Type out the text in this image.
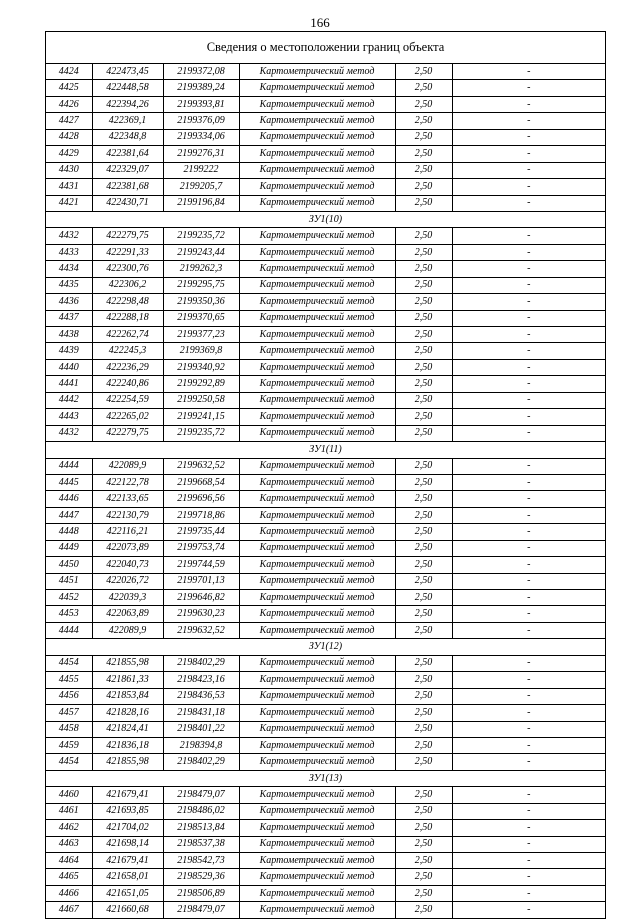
166
Сведения о местоположении границ объекта
4424	422473,45	2199372,08	Картометрический метод	2,50	-
4425	422448,58	2199389,24	Картометрический метод	2,50	-
4426	422394,26	2199393,81	Картометрический метод	2,50	-
4427	422369,1	2199376,09	Картометрический метод	2,50	-
4428	422348,8	2199334,06	Картометрический метод	2,50	-
4429	422381,64	2199276,31	Картометрический метод	2,50	-
4430	422329,07	2199222	Картометрический метод	2,50	-
4431	422381,68	2199205,7	Картометрический метод	2,50	-
4421	422430,71	2199196,84	Картометрический метод	2,50	-
ЗУ1(10)					
4432	422279,75	2199235,72	Картометрический метод	2,50	-
4433	422291,33	2199243,44	Картометрический метод	2,50	-
4434	422300,76	2199262,3	Картометрический метод	2,50	-
4435	422306,2	2199295,75	Картометрический метод	2,50	-
4436	422298,48	2199350,36	Картометрический метод	2,50	-
4437	422288,18	2199370,65	Картометрический метод	2,50	-
4438	422262,74	2199377,23	Картометрический метод	2,50	-
4439	422245,3	2199369,8	Картометрический метод	2,50	-
4440	422236,29	2199340,92	Картометрический метод	2,50	-
4441	422240,86	2199292,89	Картометрический метод	2,50	-
4442	422254,59	2199250,58	Картометрический метод	2,50	-
4443	422265,02	2199241,15	Картометрический метод	2,50	-
4432	422279,75	2199235,72	Картометрический метод	2,50	-
ЗУ1(11)					
4444	422089,9	2199632,52	Картометрический метод	2,50	-
4445	422122,78	2199668,54	Картометрический метод	2,50	-
4446	422133,65	2199696,56	Картометрический метод	2,50	-
4447	422130,79	2199718,86	Картометрический метод	2,50	-
4448	422116,21	2199735,44	Картометрический метод	2,50	-
4449	422073,89	2199753,74	Картометрический метод	2,50	-
4450	422040,73	2199744,59	Картометрический метод	2,50	-
4451	422026,72	2199701,13	Картометрический метод	2,50	-
4452	422039,3	2199646,82	Картометрический метод	2,50	-
4453	422063,89	2199630,23	Картометрический метод	2,50	-
4444	422089,9	2199632,52	Картометрический метод	2,50	-
ЗУ1(12)					
4454	421855,98	2198402,29	Картометрический метод	2,50	-
4455	421861,33	2198423,16	Картометрический метод	2,50	-
4456	421853,84	2198436,53	Картометрический метод	2,50	-
4457	421828,16	2198431,18	Картометрический метод	2,50	-
4458	421824,41	2198401,22	Картометрический метод	2,50	-
4459	421836,18	2198394,8	Картометрический метод	2,50	-
4454	421855,98	2198402,29	Картометрический метод	2,50	-
ЗУ1(13)					
4460	421679,41	2198479,07	Картометрический метод	2,50	-
4461	421693,85	2198486,02	Картометрический метод	2,50	-
4462	421704,02	2198513,84	Картометрический метод	2,50	-
4463	421698,14	2198537,38	Картометрический метод	2,50	-
4464	421679,41	2198542,73	Картометрический метод	2,50	-
4465	421658,01	2198529,36	Картометрический метод	2,50	-
4466	421651,05	2198506,89	Картометрический метод	2,50	-
4467	421660,68	2198479,07	Картометрический метод	2,50	-
